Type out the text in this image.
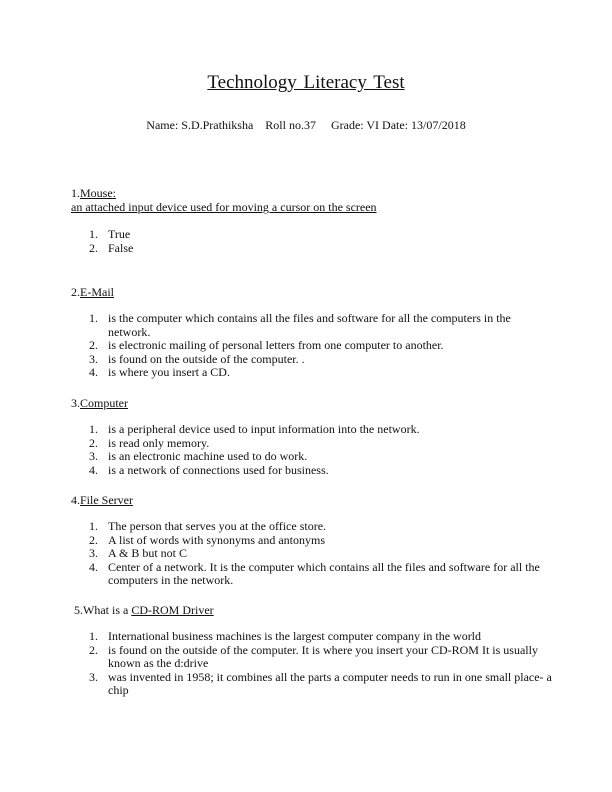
Technology Literacy Test
Name: S.D.Prathiksha    Roll no.37     Grade: VI Date: 13/07/2018
1.Mouse:
an attached input device used for moving a cursor on the screen
1. True
2. False
2.E-Mail
1. is the computer which contains all the files and software for all the computers in the network.
2. is electronic mailing of personal letters from one computer to another.
3. is found on the outside of the computer. .
4. is where you insert a CD.
3.Computer
1. is a peripheral device used to input information into the network.
2. is read only memory.
3. is an electronic machine used to do work.
4. is a network of connections used for business.
4.File Server
1. The person that serves you at the office store.
2. A list of words with synonyms and antonyms
3. A & B but not C
4. Center of a network. It is the computer which contains all the files and software for all the computers in the network.
5.What is a CD-ROM Driver
1. International business machines is the largest computer company in the world
2. is found on the outside of the computer. It is where you insert your CD-ROM It is usually known as the d:drive
3. was invented in 1958; it combines all the parts a computer needs to run in one small place- a chip
